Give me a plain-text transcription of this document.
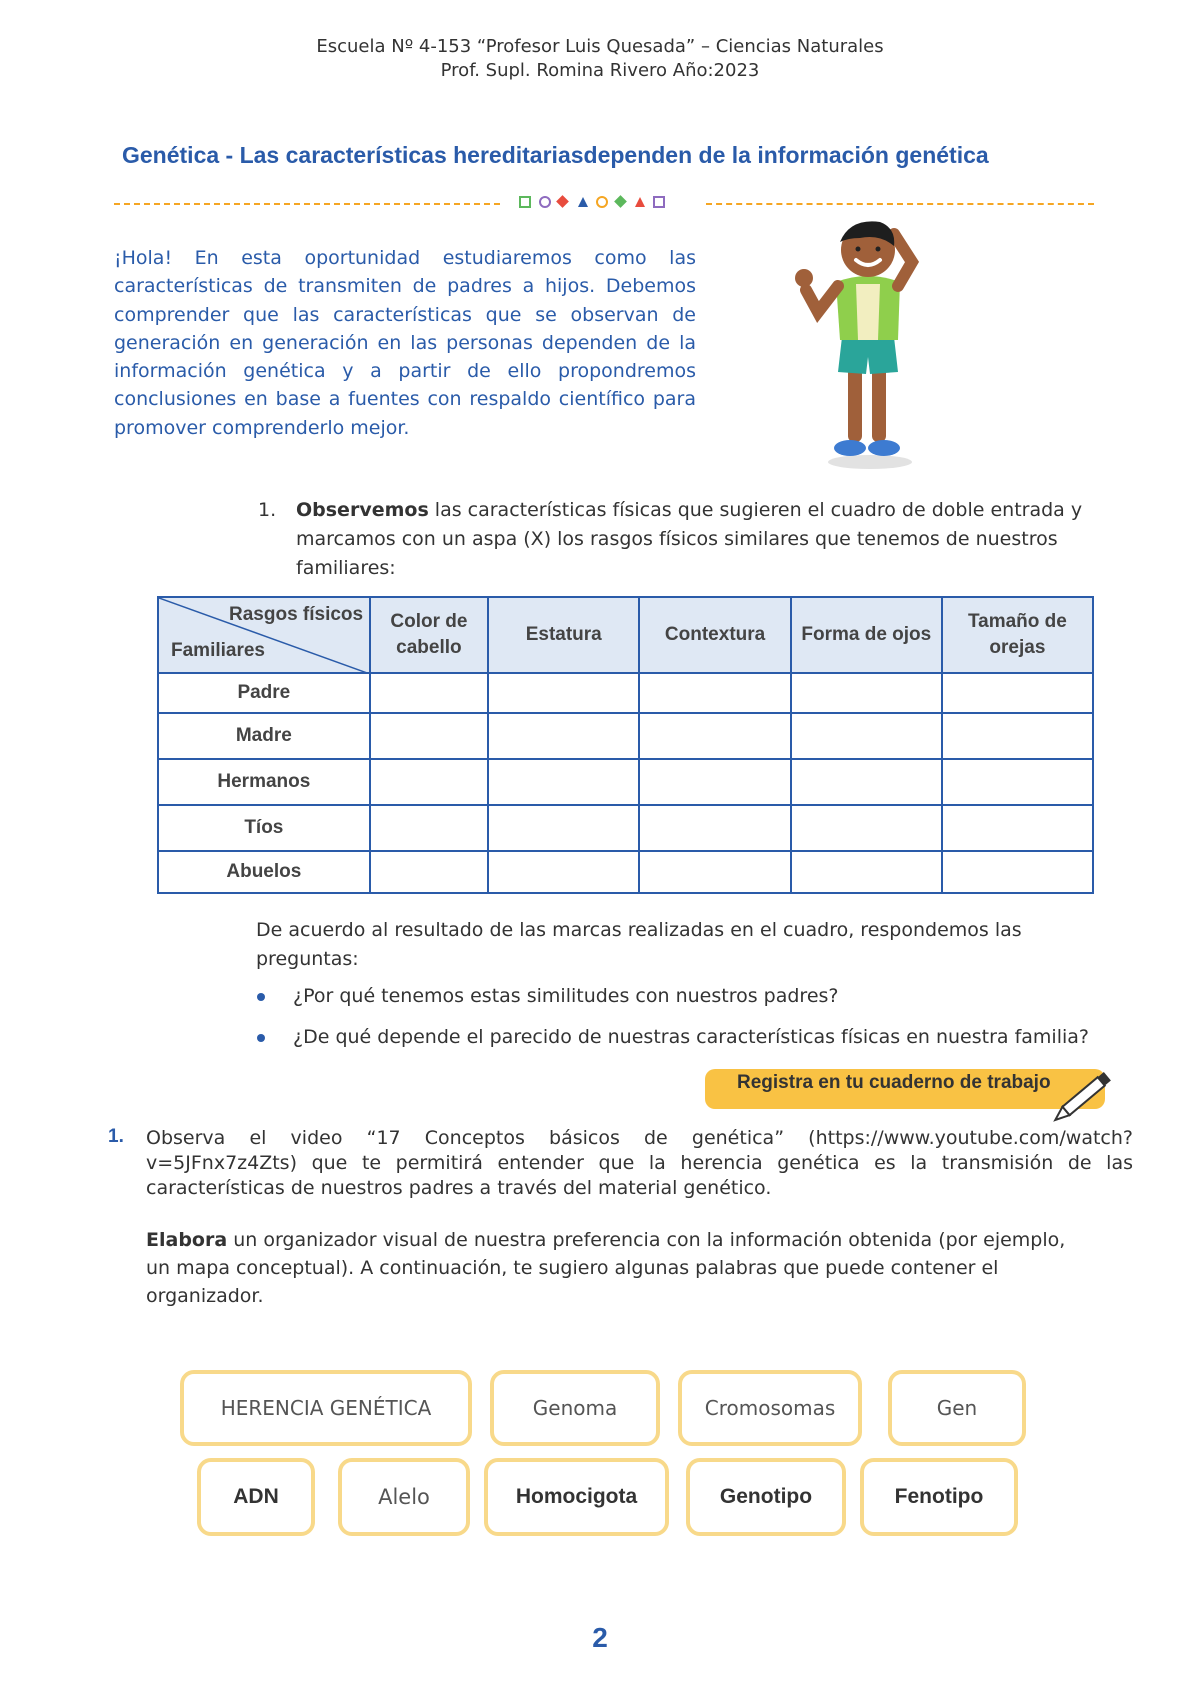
Escuela Nº 4-153 “Profesor Luis Quesada” – Ciencias Naturales
Prof. Supl. Romina Rivero Año:2023
Genética - Las características hereditariasdependen de la información genética
¡Hola! En esta oportunidad estudiaremos como las características de transmiten de padres a hijos. Debemos comprender que las características que se observan de generación en generación en las personas dependen de la información genética y a partir de ello propondremos conclusiones en base a fuentes con respaldo científico para promover comprenderlo mejor.
1. Observemos las características físicas que sugieren el cuadro de doble entrada y marcamos con un aspa (X) los rasgos físicos similares que tenemos de nuestros familiares:
Rasgos físicos
Familiares	Color de cabello	Estatura	Contextura	Forma de ojos	Tamaño de orejas
Padre					
Madre					
Hermanos					
Tíos					
Abuelos					
De acuerdo al resultado de las marcas realizadas en el cuadro, respondemos las preguntas:
¿Por qué tenemos estas similitudes con nuestros padres?
¿De qué depende el parecido de nuestras características físicas en nuestra familia?
Registra en tu cuaderno de trabajo
1. Observa el video “17 Conceptos básicos de genética” (https://www.youtube.com/watch?v=5JFnx7z4Zts) que te permitirá entender que la herencia genética es la transmisión de las características de nuestros padres a través del material genético.
Elabora un organizador visual de nuestra preferencia con la información obtenida (por ejemplo, un mapa conceptual). A continuación, te sugiero algunas palabras que puede contener el organizador.
HERENCIA GENÉTICA	Genoma	Cromosomas	Gen
ADN	Alelo	Homocigota	Genotipo	Fenotipo
2
